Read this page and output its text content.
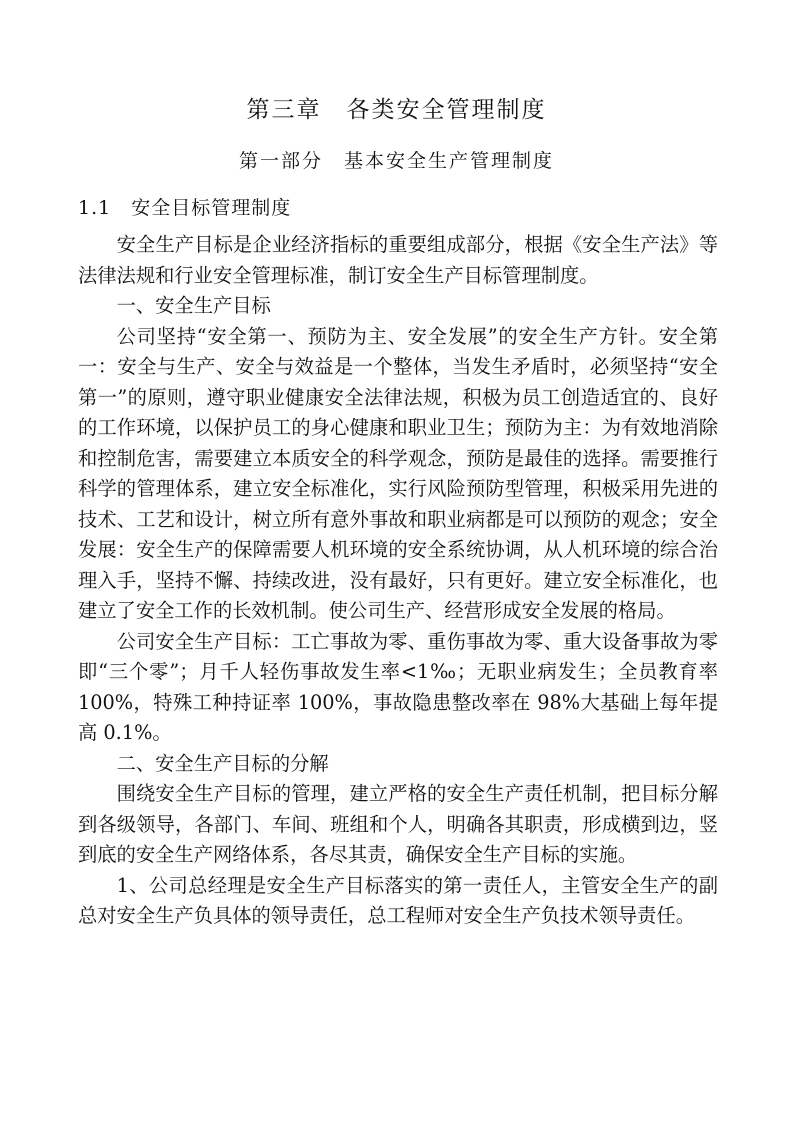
第三章　各类安全管理制度
第一部分　基本安全生产管理制度
1.1　安全目标管理制度

安全生产目标是企业经济指标的重要组成部分，根据《安全生产法》等法律法规和行业安全管理标准，制订安全生产目标管理制度。

一、安全生产目标

公司坚持“安全第一、预防为主、安全发展”的安全生产方针。安全第一：安全与生产、安全与效益是一个整体，当发生矛盾时，必须坚持“安全第一”的原则，遵守职业健康安全法律法规，积极为员工创造适宜的、良好的工作环境，以保护员工的身心健康和职业卫生；预防为主：为有效地消除和控制危害，需要建立本质安全的科学观念，预防是最佳的选择。需要推行科学的管理体系，建立安全标准化，实行风险预防型管理，积极采用先进的技术、工艺和设计，树立所有意外事故和职业病都是可以预防的观念；安全发展：安全生产的保障需要人机环境的安全系统协调，从人机环境的综合治理入手，坚持不懈、持续改进，没有最好，只有更好。建立安全标准化，也建立了安全工作的长效机制。使公司生产、经营形成安全发展的格局。

公司安全生产目标：工亡事故为零、重伤事故为零、重大设备事故为零即“三个零”；月千人轻伤事故发生率<1‰；无职业病发生；全员教育率 100%，特殊工种持证率 100%，事故隐患整改率在 98%大基础上每年提高 0.1%。

二、安全生产目标的分解

围绕安全生产目标的管理，建立严格的安全生产责任机制，把目标分解到各级领导，各部门、车间、班组和个人，明确各其职责，形成横到边，竖到底的安全生产网络体系，各尽其责，确保安全生产目标的实施。

1、公司总经理是安全生产目标落实的第一责任人，主管安全生产的副总对安全生产负具体的领导责任，总工程师对安全生产负技术领导责任。
